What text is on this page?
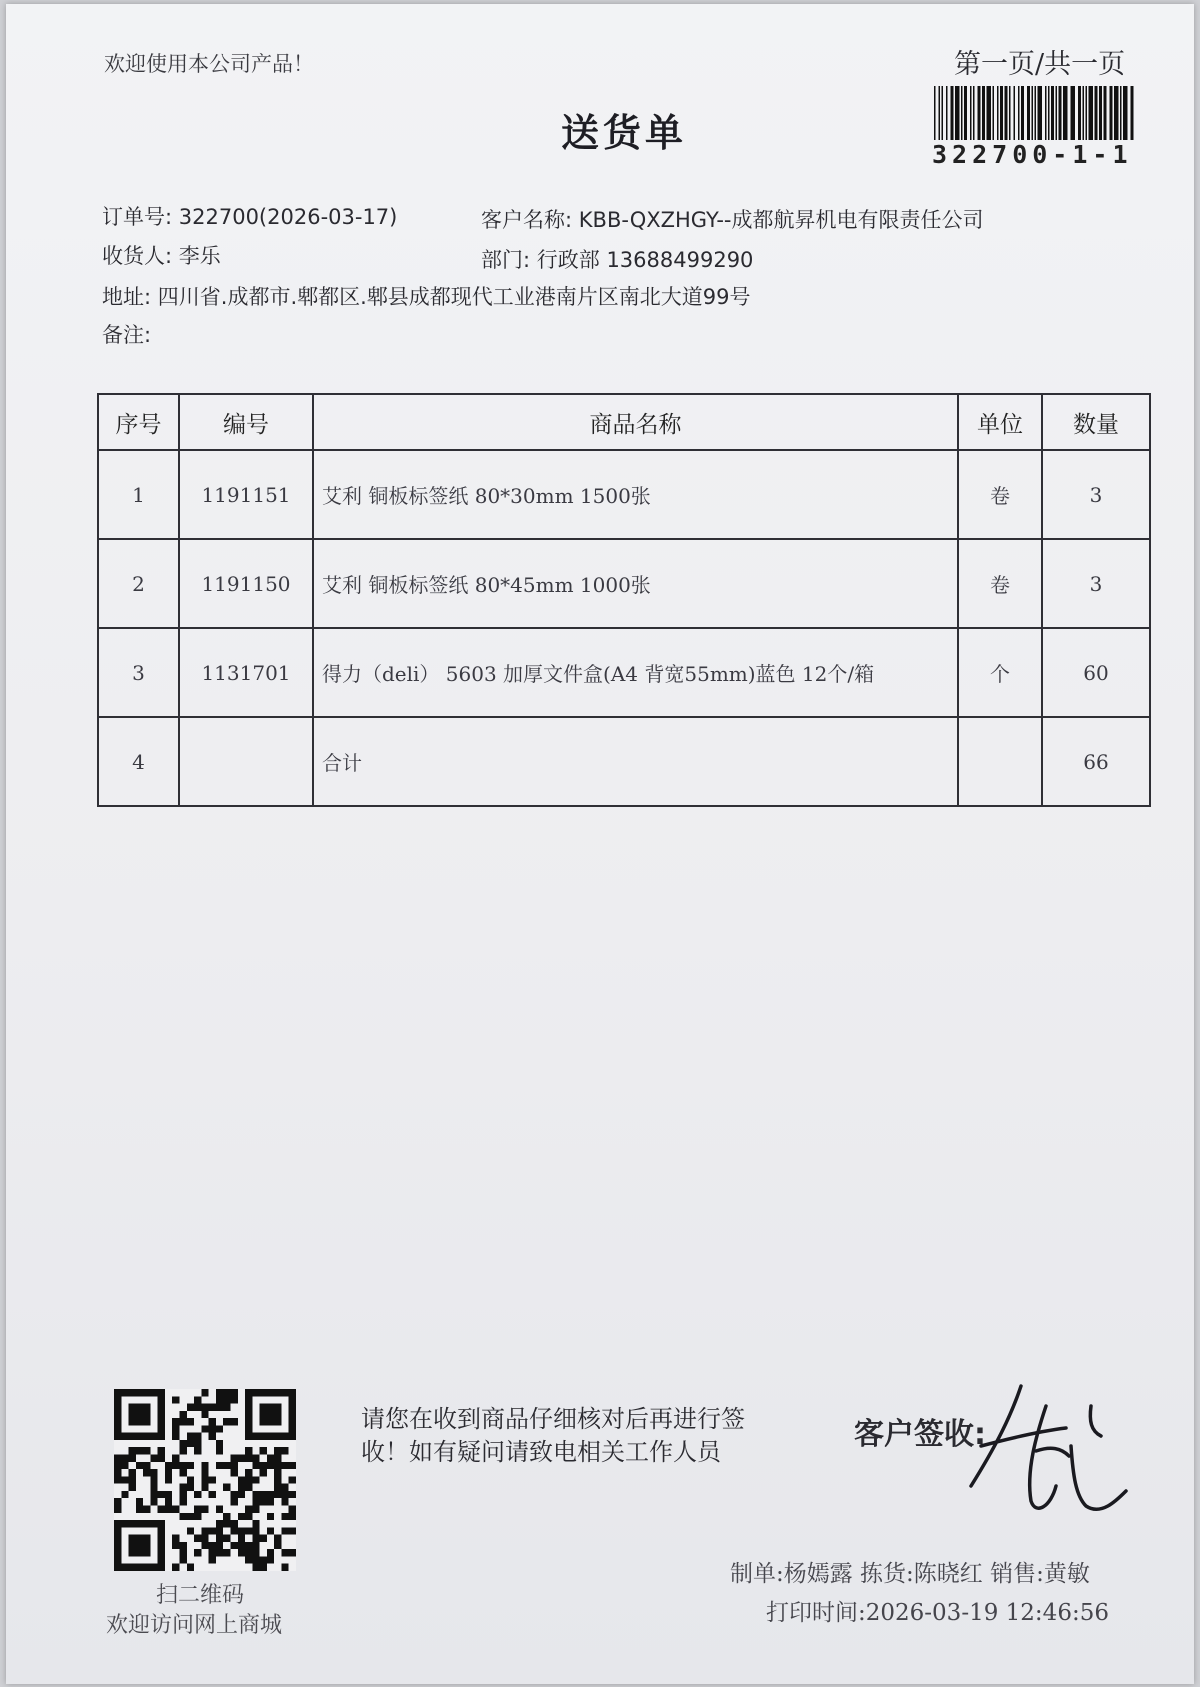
欢迎使用本公司产品！	第一页/共一页
322700-1-1
送货单
订单号: 322700(2026-03-17)	客户名称: KBB-QXZHGY--成都航昇机电有限责任公司
收货人: 李乐	部门: 行政部 13688499290
地址: 四川省.成都市.郫都区.郫县成都现代工业港南片区南北大道99号
备注:
序号	编号	商品名称	单位	数量
1	1191151	艾利 铜板标签纸 80*30mm 1500张	卷	3
2	1191150	艾利 铜板标签纸 80*45mm 1000张	卷	3
3	1131701	得力（deli） 5603 加厚文件盒(A4 背宽55mm)蓝色 12个/箱	个	60
4		合计		66
扫二维码
欢迎访问网上商城
请您在收到商品仔细核对后再进行签
收！如有疑问请致电相关工作人员	客户签收:
制单:杨嫣露 拣货:陈晓红 销售:黄敏
打印时间:2026-03-19 12:46:56
